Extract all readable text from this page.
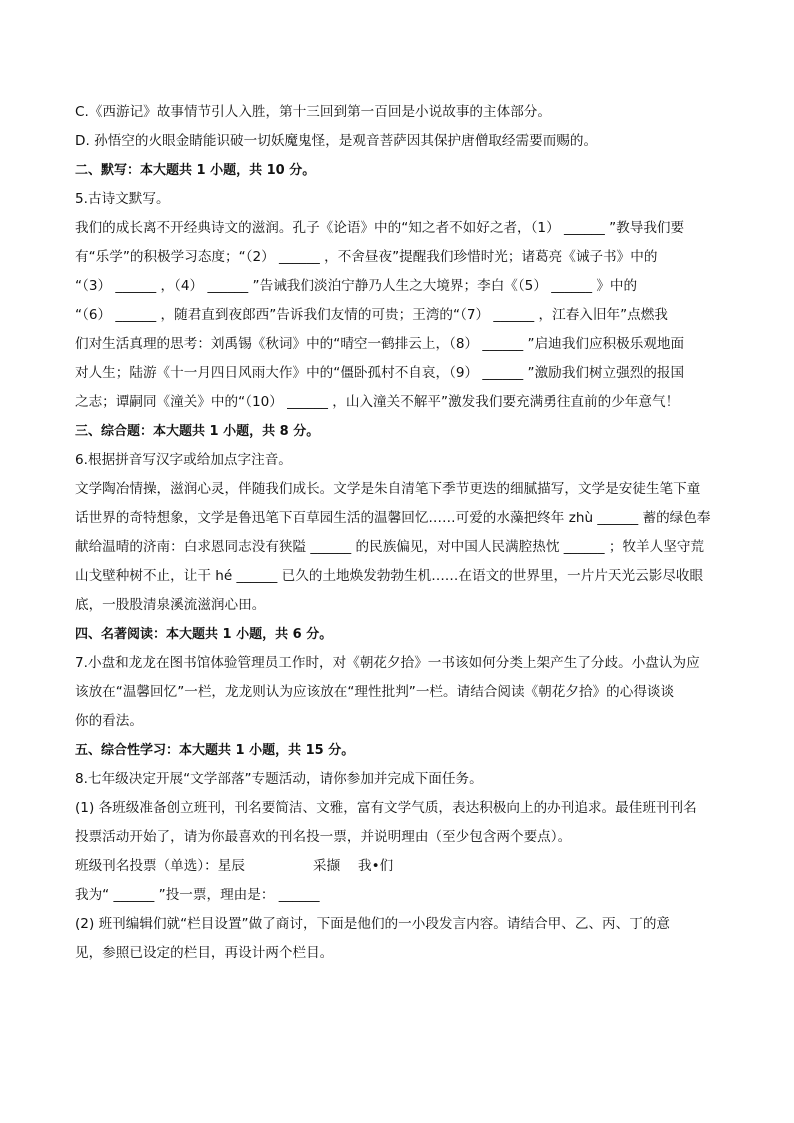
C.《西游记》故事情节引人入胜，第十三回到第一百回是小说故事的主体部分。
D. 孙悟空的火眼金睛能识破一切妖魔鬼怪，是观音菩萨因其保护唐僧取经需要而赐的。
二、默写：本大题共 1 小题，共 10 分。
5.古诗文默写。
我们的成长离不开经典诗文的滋润。孔子《论语》中的“知之者不如好之者，（1） ______ ”教导我们要
有“乐学”的积极学习态度；“（2） ______ ，不舍昼夜”提醒我们珍惜时光；诸葛亮《诫子书》中的
“（3） ______ ，（4） ______ ”告诫我们淡泊宁静乃人生之大境界；李白《（5） ______ 》中的
“（6） ______ ，随君直到夜郎西”告诉我们友情的可贵；王湾的“（7） ______ ，江春入旧年”点燃我
们对生活真理的思考：刘禹锡《秋词》中的“晴空一鹤排云上，（8） ______ ”启迪我们应积极乐观地面
对人生；陆游《十一月四日风雨大作》中的“僵卧孤村不自哀，（9） ______ ”激励我们树立强烈的报国
之志；谭嗣同《潼关》中的“（10） ______ ，山入潼关不解平”激发我们要充满勇往直前的少年意气！
三、综合题：本大题共 1 小题，共 8 分。
6.根据拼音写汉字或给加点字注音。
文学陶冶情操，滋润心灵，伴随我们成长。文学是朱自清笔下季节更迭的细腻描写，文学是安徒生笔下童
话世界的奇特想象，文学是鲁迅笔下百草园生活的温馨回忆……可爱的水藻把终年 zhù ______ 蓄的绿色奉
献给温晴的济南：白求恩同志没有狭隘 ______ 的民族偏见，对中国人民满腔热忱 ______ ；牧羊人坚守荒
山戈壁种树不止，让干 hé ______ 已久的土地焕发勃勃生机……在语文的世界里，一片片天光云影尽收眼
底，一股股清泉溪流滋润心田。
四、名著阅读：本大题共 1 小题，共 6 分。
7.小盘和龙龙在图书馆体验管理员工作时，对《朝花夕拾》一书该如何分类上架产生了分歧。小盘认为应
该放在“温馨回忆”一栏，龙龙则认为应该放在“理性批判”一栏。请结合阅读《朝花夕拾》的心得谈谈
你的看法。
五、综合性学习：本大题共 1 小题，共 15 分。
8.七年级决定开展“文学部落”专题活动，请你参加并完成下面任务。
(1) 各班级准备创立班刊，刊名要简洁、文雅，富有文学气质，表达积极向上的办刊追求。最佳班刊刊名
投票活动开始了，请为你最喜欢的刊名投一票，并说明理由（至少包含两个要点）。
班级刊名投票（单选）：星辰　　　　　采撷　 我•们
我为“ ______ ”投一票，理由是： ______
(2) 班刊编辑们就“栏目设置”做了商讨，下面是他们的一小段发言内容。请结合甲、乙、丙、丁的意
见，参照已设定的栏目，再设计两个栏目。
